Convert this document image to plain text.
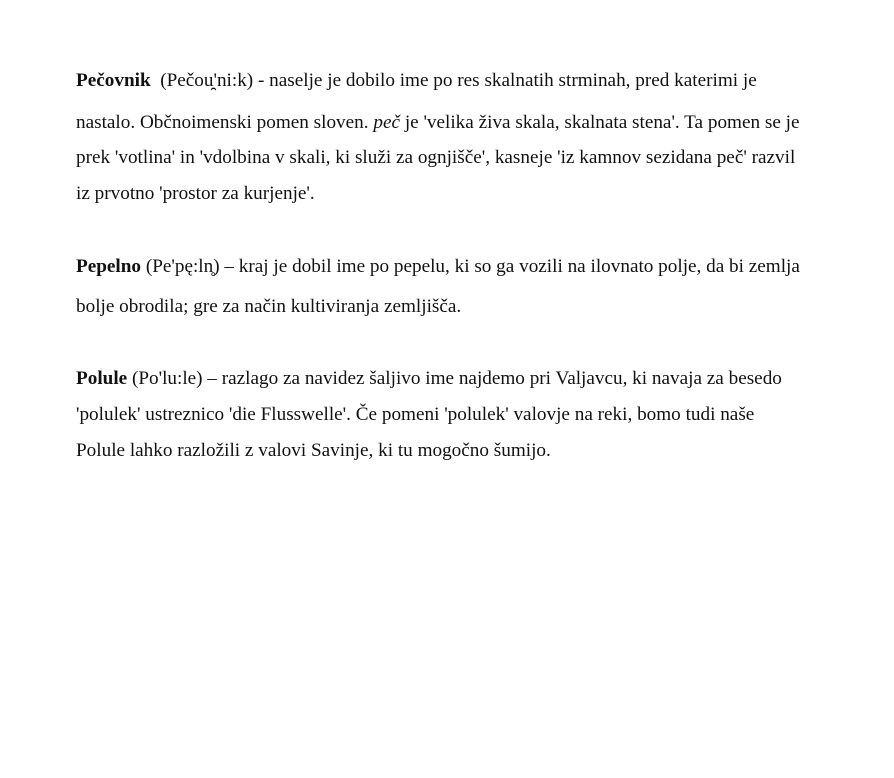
Pečovnik  (Pečou̯'ni:k) - naselje je dobilo ime po res skalnatih strminah, pred katerimi je
nastalo. Občnoimenski pomen sloven. peč je 'velika živa skala, skalnata stena'. Ta pomen se je
prek 'votlina' in 'vdolbina v skali, ki služi za ognjišče', kasneje 'iz kamnov sezidana peč' razvil
iz prvotno 'prostor za kurjenje'.
Pepelno (Pe'pę:ln̥) – kraj je dobil ime po pepelu, ki so ga vozili na ilovnato polje, da bi zemlja
bolje obrodila; gre za način kultiviranja zemljišča.
Polule (Po'lu:le) – razlago za navidez šaljivo ime najdemo pri Valjavcu, ki navaja za besedo
'polulek' ustreznico 'die Flusswelle'. Če pomeni 'polulek' valovje na reki, bomo tudi naše
Polule lahko razložili z valovi Savinje, ki tu mogočno šumijo.
